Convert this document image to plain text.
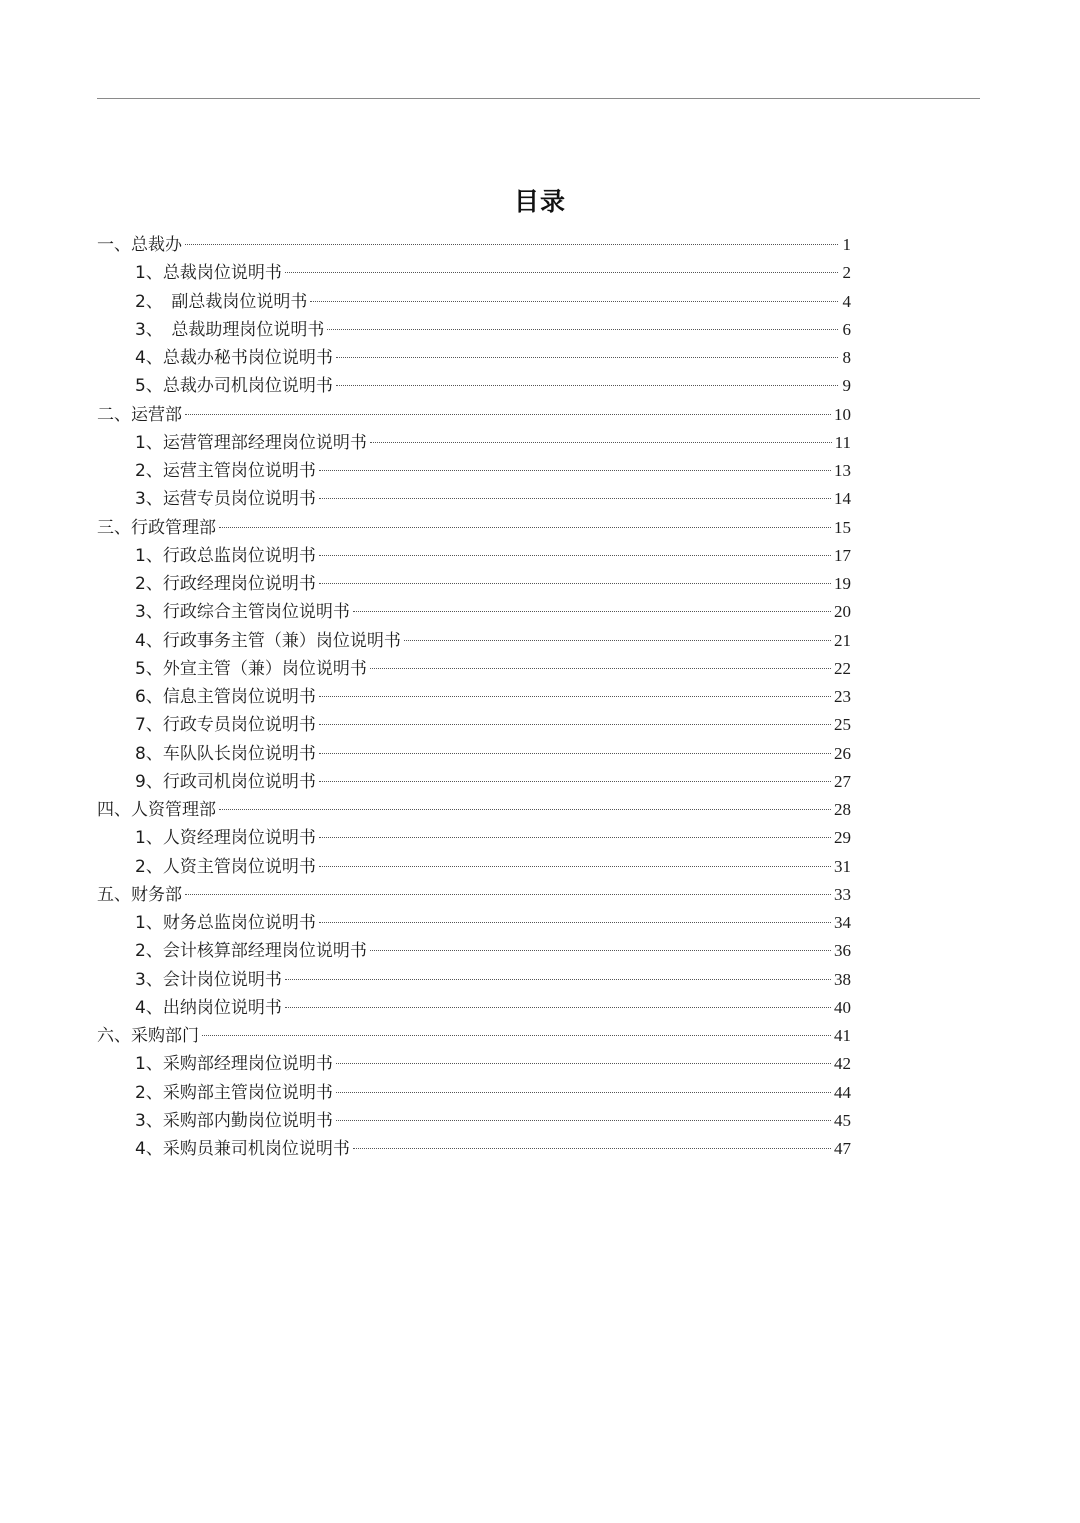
目录
一、总裁办	1
1、总裁岗位说明书	2
2、　副总裁岗位说明书	4
3、　总裁助理岗位说明书	6
4、总裁办秘书岗位说明书	8
5、总裁办司机岗位说明书	9
二、运营部	10
1、运营管理部经理岗位说明书	11
2、运营主管岗位说明书	13
3、运营专员岗位说明书	14
三、行政管理部	15
1、行政总监岗位说明书	17
2、行政经理岗位说明书	19
3、行政综合主管岗位说明书	20
4、行政事务主管（兼）岗位说明书	21
5、外宣主管（兼）岗位说明书	22
6、信息主管岗位说明书	23
7、行政专员岗位说明书	25
8、车队队长岗位说明书	26
9、行政司机岗位说明书	27
四、人资管理部	28
1、人资经理岗位说明书	29
2、人资主管岗位说明书	31
五、财务部	33
1、财务总监岗位说明书	34
2、会计核算部经理岗位说明书	36
3、会计岗位说明书	38
4、出纳岗位说明书	40
六、采购部门	41
1、采购部经理岗位说明书	42
2、采购部主管岗位说明书	44
3、采购部内勤岗位说明书	45
4、采购员兼司机岗位说明书	47
